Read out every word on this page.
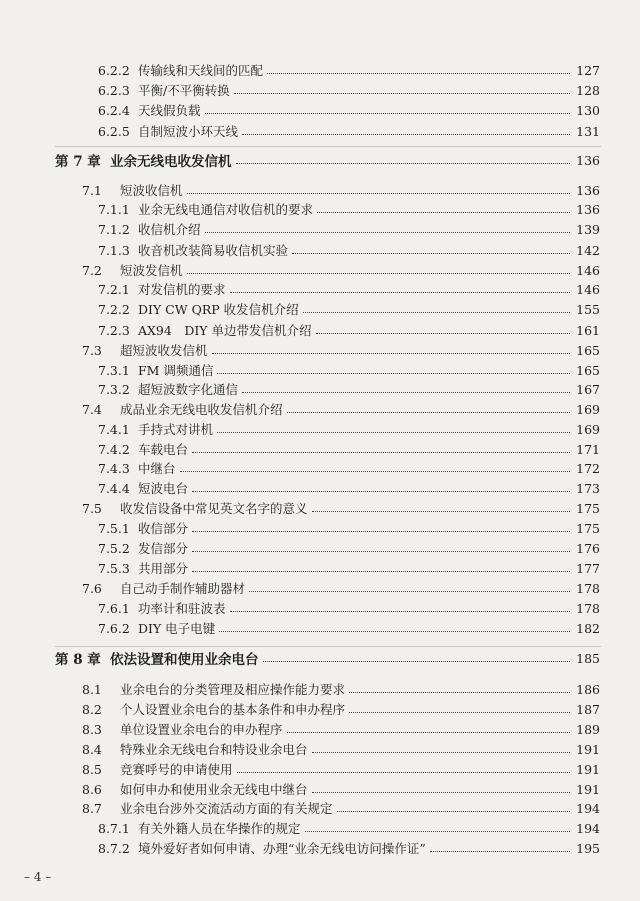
6.2.2 传输线和天线间的匹配	127
6.2.3 平衡/不平衡转换	128
6.2.4 天线假负载	130
6.2.5 自制短波小环天线	131
第 7 章 业余无线电收发信机	136
7.1 短波收信机	136
7.1.1 业余无线电通信对收信机的要求	136
7.1.2 收信机介绍	139
7.1.3 收音机改装简易收信机实验	142
7.2 短波发信机	146
7.2.1 对发信机的要求	146
7.2.2 DIY CW QRP 收发信机介绍	155
7.2.3 AX94　DIY 单边带发信机介绍	161
7.3 超短波收发信机	165
7.3.1 FM 调频通信	165
7.3.2 超短波数字化通信	167
7.4 成品业余无线电收发信机介绍	169
7.4.1 手持式对讲机	169
7.4.2 车载电台	171
7.4.3 中继台	172
7.4.4 短波电台	173
7.5 收发信设备中常见英文名字的意义	175
7.5.1 收信部分	175
7.5.2 发信部分	176
7.5.3 共用部分	177
7.6 自己动手制作辅助器材	178
7.6.1 功率计和驻波表	178
7.6.2 DIY 电子电键	182
第 8 章 依法设置和使用业余电台	185
8.1 业余电台的分类管理及相应操作能力要求	186
8.2 个人设置业余电台的基本条件和申办程序	187
8.3 单位设置业余电台的申办程序	189
8.4 特殊业余无线电台和特设业余电台	191
8.5 竞赛呼号的申请使用	191
8.6 如何申办和使用业余无线电中继台	191
8.7 业余电台涉外交流活动方面的有关规定	194
8.7.1 有关外籍人员在华操作的规定	194
8.7.2 境外爱好者如何申请、办理“业余无线电访问操作证”	195
– 4 –
